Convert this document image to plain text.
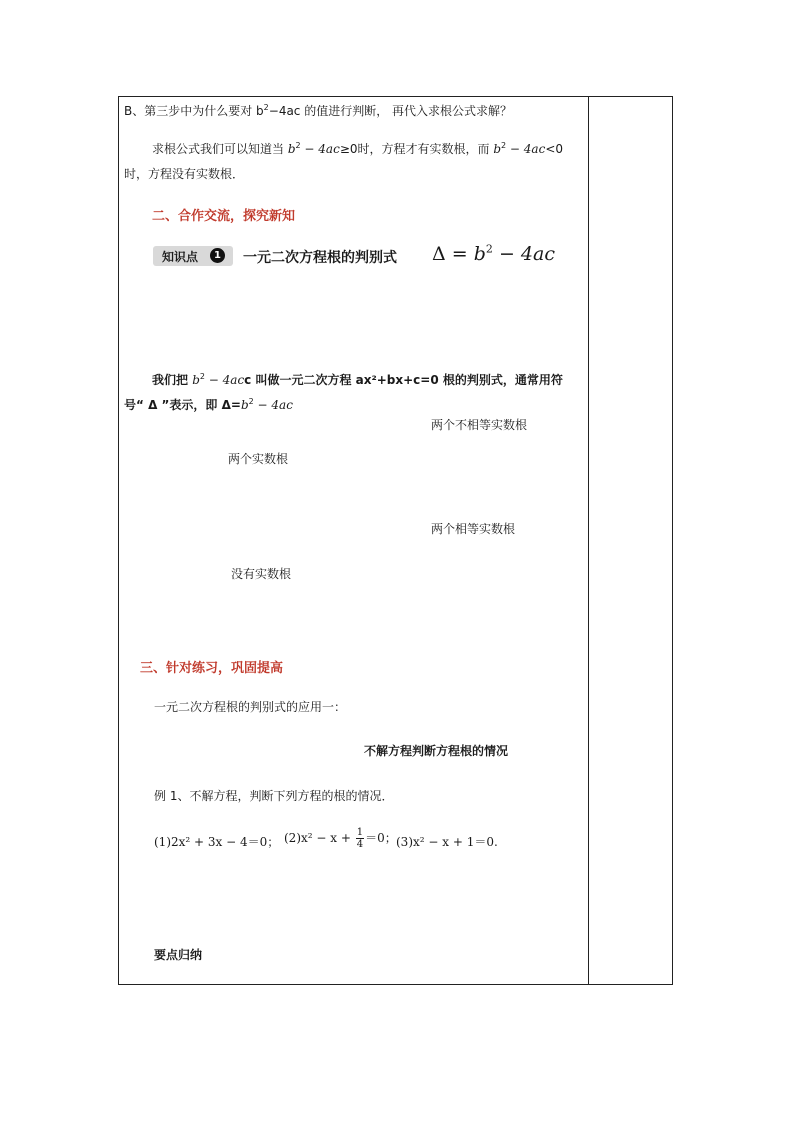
B、第三步中为什么要对 $b^2-4ac$ 的值进行判断， 再代入求根公式求解？
求根公式我们可以知道当 $b^2 - 4ac\ge 0$时，方程才有实数根，而 $b^2 - 4ac<0$
时，方程没有实数根．
二、合作交流，探究新知
知识点	1 一元二次方程根的判别式 $\Delta = b^2 - 4ac$
我们把 $b^2 - 4acc$ 叫做一元二次方程 ax²+bx+c=0 根的判别式，通常用符
号“ Δ ”表示，即 $\Delta=b^2 - 4ac$
两个不相等实数根
两个实数根
两个相等实数根
没有实数根
三、针对练习，巩固提高
一元二次方程根的判别式的应用一：
不解方程判断方程根的情况
例 1、不解方程，判断下列方程的根的情况．
(1)2x² + 3x − 4＝0； $(2)x^2 - x + \frac{1}{4} =0$； (3)x² − x + 1＝0.
要点归纳
